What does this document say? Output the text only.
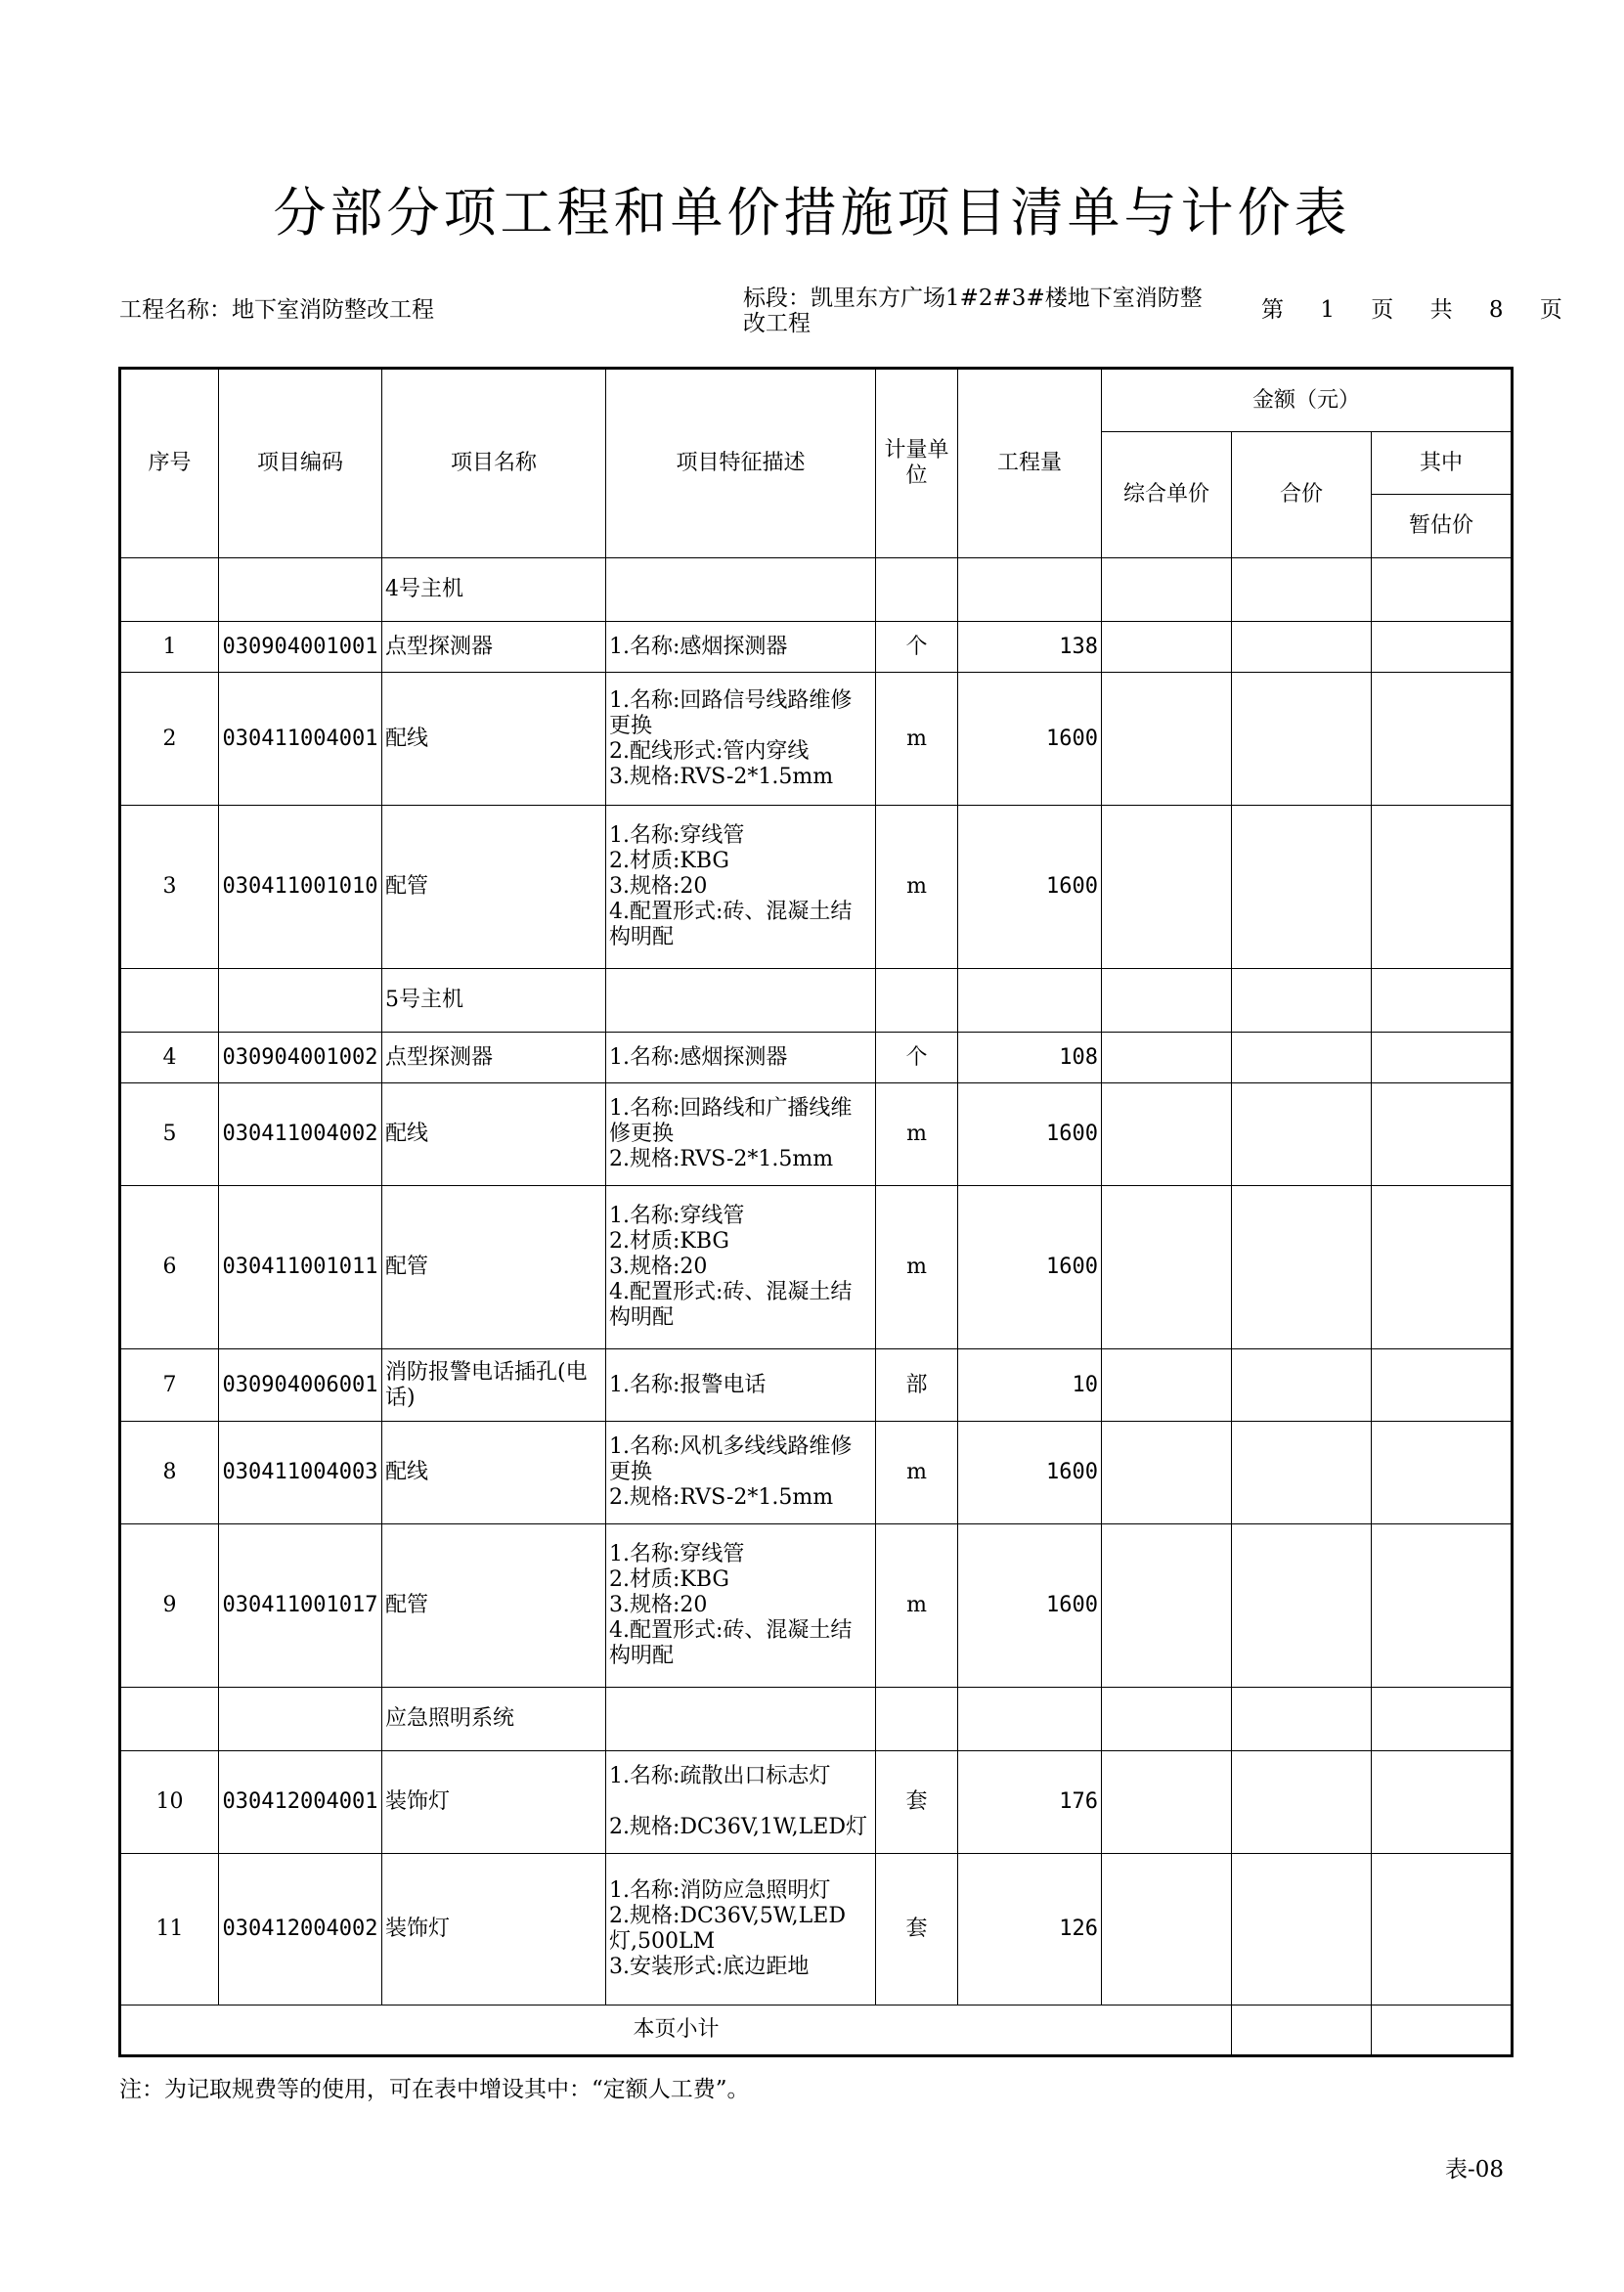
分部分项工程和单价措施项目清单与计价表
工程名称：地下室消防整改工程	标段：凯里东方广场1#2#3#楼地下室消防整改工程
第 1 页 共 8 页
序号	项目编码	项目名称	项目特征描述	计量单位	工程量	金额（元）		
						综合单价	合价	其中
								暂估价
		4号主机						
1	030904001001	点型探测器	1.名称:感烟探测器	个	138			
2	030411004001	配线	1.名称:回路信号线路维修更换
2.配线形式:管内穿线
3.规格:RVS-2*1.5mm	m	1600			
3	030411001010	配管	1.名称:穿线管
2.材质:KBG
3.规格:20
4.配置形式:砖、混凝土结构明配	m	1600			
		5号主机						
4	030904001002	点型探测器	1.名称:感烟探测器	个	108			
5	030411004002	配线	1.名称:回路线和广播线维修更换
2.规格:RVS-2*1.5mm	m	1600			
6	030411001011	配管	1.名称:穿线管
2.材质:KBG
3.规格:20
4.配置形式:砖、混凝土结构明配	m	1600			
7	030904006001	消防报警电话插孔(电话)	1.名称:报警电话	部	10			
8	030411004003	配线	1.名称:风机多线线路维修更换
2.规格:RVS-2*1.5mm	m	1600			
9	030411001017	配管	1.名称:穿线管
2.材质:KBG
3.规格:20
4.配置形式:砖、混凝土结构明配	m	1600			
		应急照明系统						
10	030412004001	装饰灯	1.名称:疏散出口标志灯

2.规格:DC36V,1W,LED灯	套	176			
11	030412004002	装饰灯	1.名称:消防应急照明灯
2.规格:DC36V,5W,LED灯,500LM
3.安装形式:底边距地	套	126			
本页小计								
注：为记取规费等的使用，可在表中增设其中：“定额人工费”。
表-08
